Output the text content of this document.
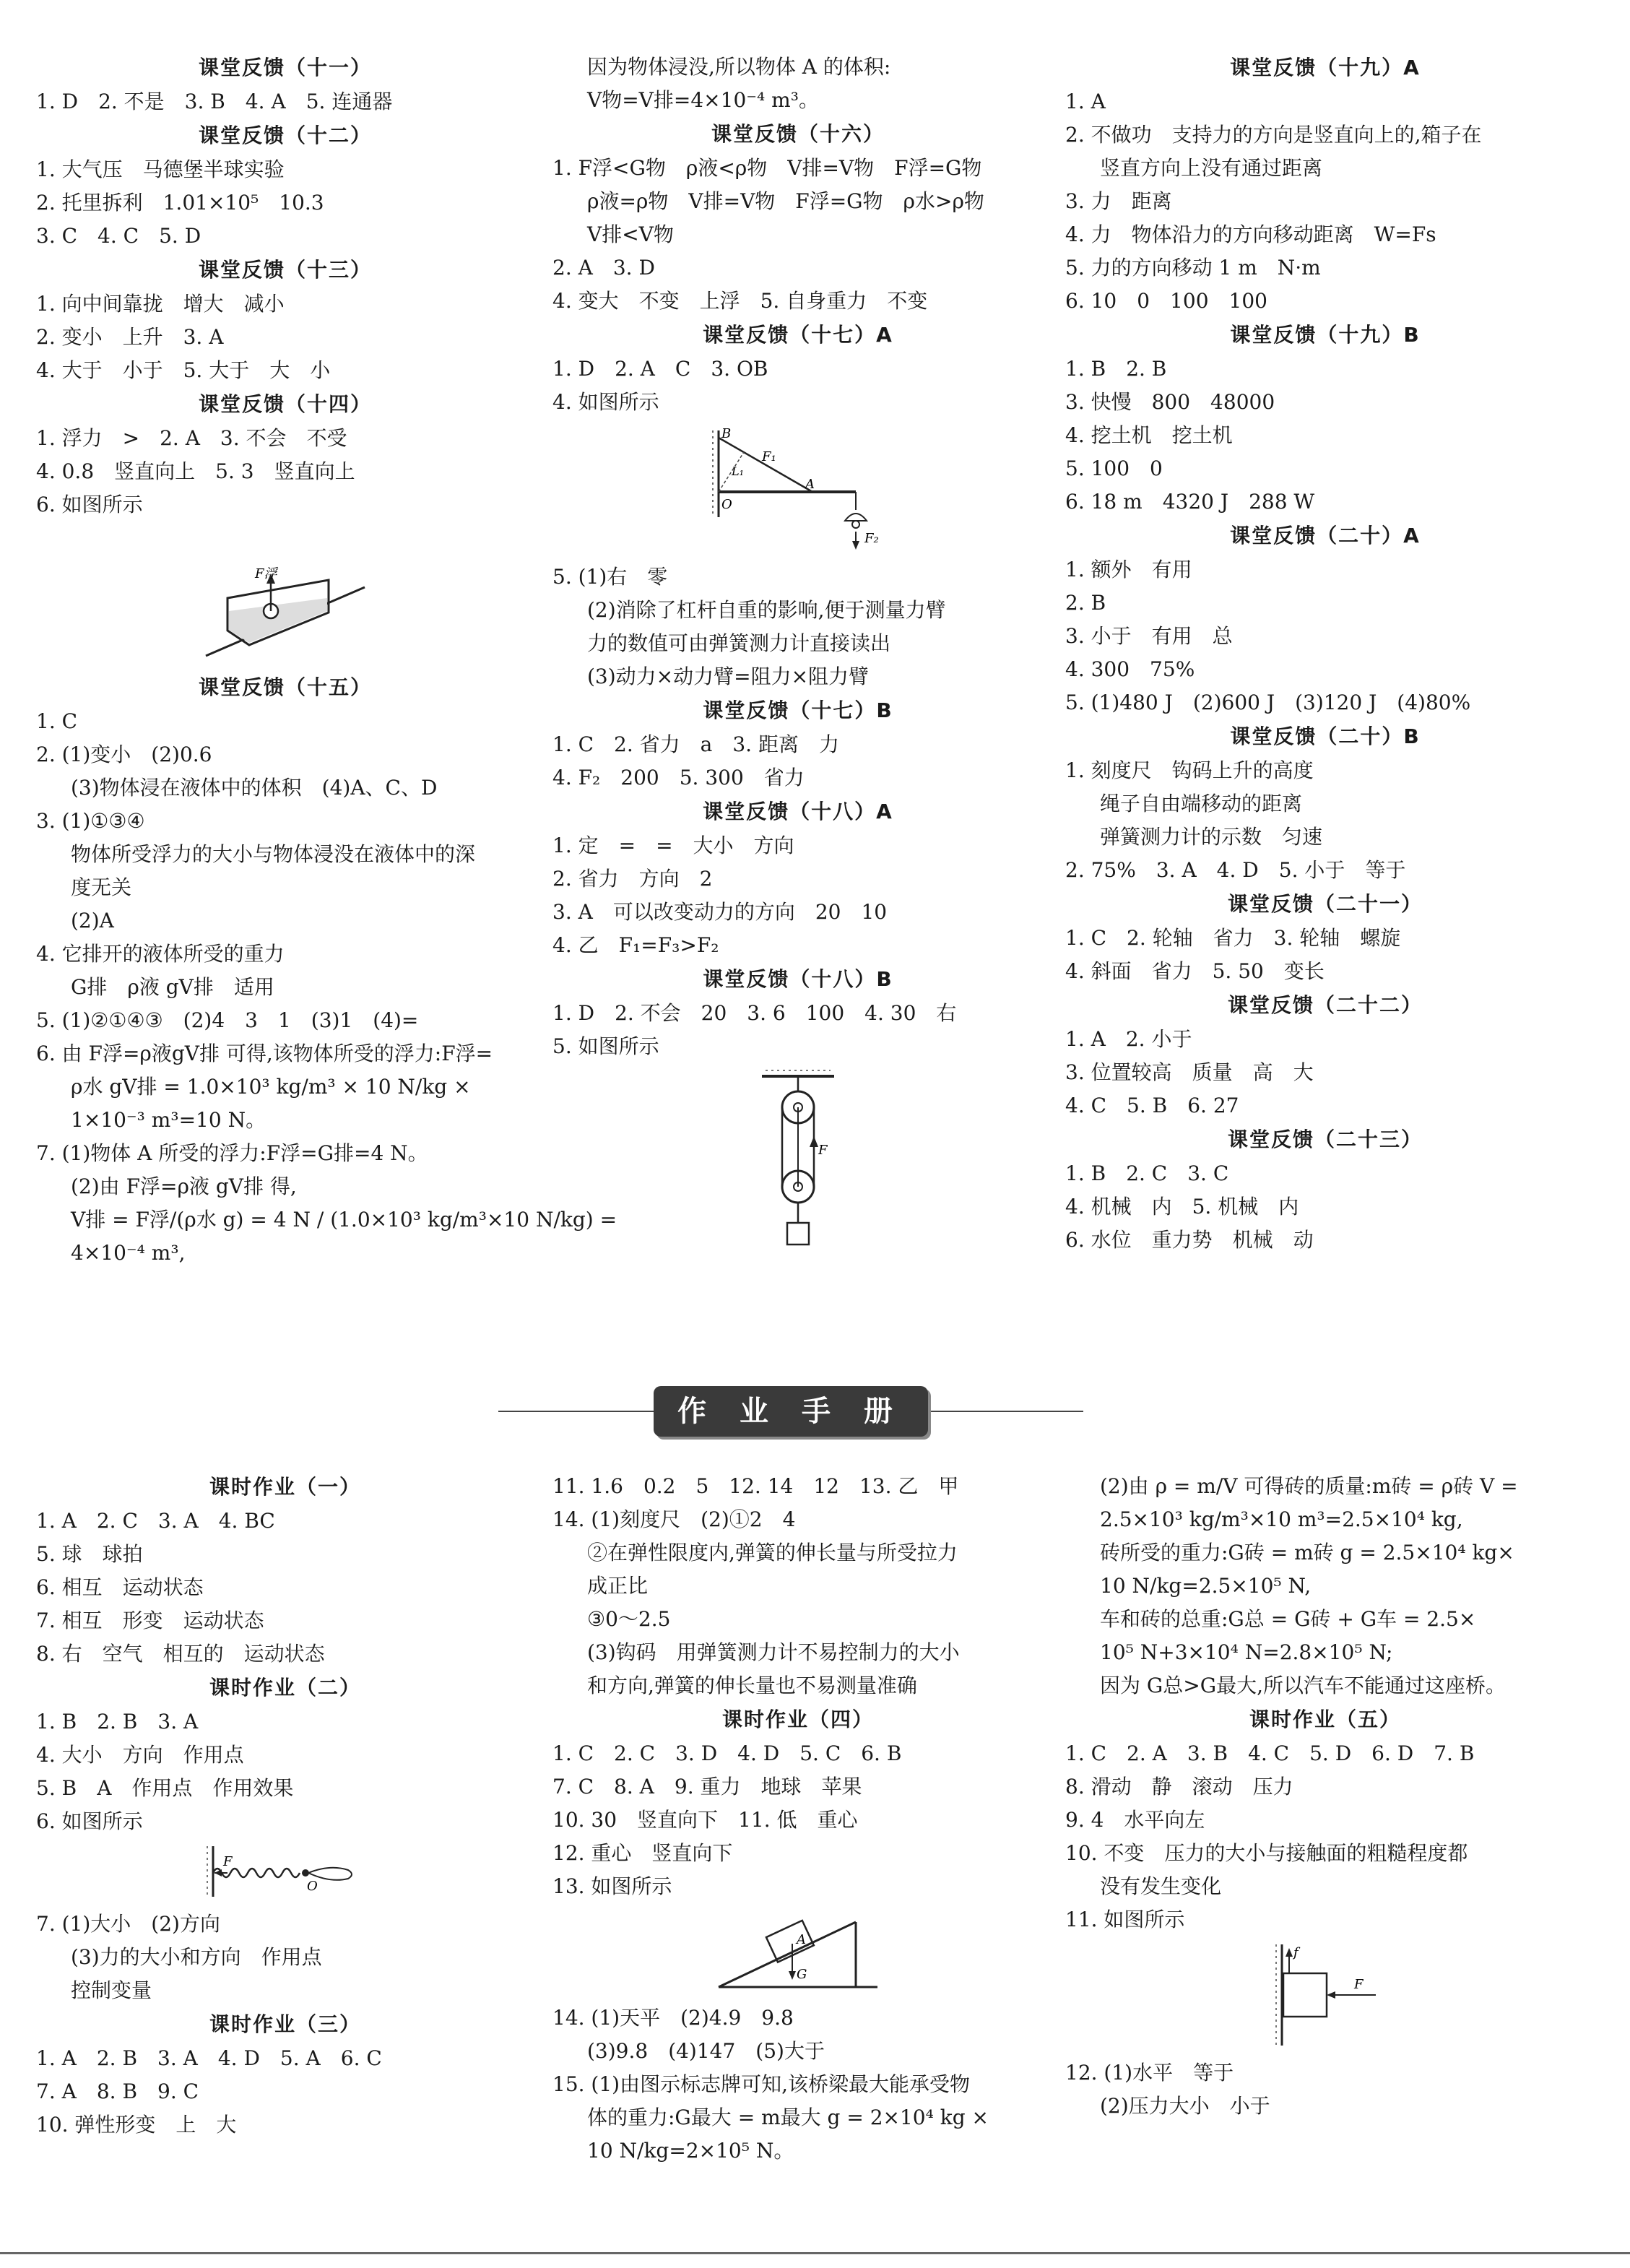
课堂反馈（十一）
1. D　2. 不是　3. B　4. A　5. 连通器
课堂反馈（十二）
1. 大气压　马德堡半球实验
2. 托里拆利　1.01×10⁵　10.3
3. C　4. C　5. D
课堂反馈（十三）
1. 向中间靠拢　增大　减小
2. 变小　上升　3. A
4. 大于　小于　5. 大于　大　小
课堂反馈（十四）
1. 浮力　>　2. A　3. 不会　不受
4. 0.8　竖直向上　5. 3　竖直向上
6. 如图所示
F浮
课堂反馈（十五）
1. C
2. (1)变小　(2)0.6
(3)物体浸在液体中的体积　(4)A、C、D
3. (1)①③④
物体所受浮力的大小与物体浸没在液体中的深
度无关
(2)A
4. 它排开的液体所受的重力
G排　ρ液 gV排　适用
5. (1)②①④③　(2)4　3　1　(3)1　(4)=
6. 由 F浮=ρ液gV排 可得,该物体所受的浮力:F浮=
ρ水 gV排 = 1.0×10³ kg/m³ × 10 N/kg ×
1×10⁻³ m³=10 N。
7. (1)物体 A 所受的浮力:F浮=G排=4 N。
(2)由 F浮=ρ液 gV排 得,
V排 = F浮/(ρ水 g) = 4 N / (1.0×10³ kg/m³×10 N/kg) =
4×10⁻⁴ m³,
因为物体浸没,所以物体 A 的体积:
V物=V排=4×10⁻⁴ m³。
课堂反馈（十六）
1. F浮<G物　ρ液<ρ物　V排=V物　F浮=G物
ρ液=ρ物　V排=V物　F浮=G物　ρ水>ρ物
V排<V物
2. A　3. D
4. 变大　不变　上浮　5. 自身重力　不变
课堂反馈（十七）A
1. D　2. A　C　3. OB
4. 如图所示
B
F₁
L₁
A
O
F₂
5. (1)右　零
(2)消除了杠杆自重的影响,便于测量力臂
力的数值可由弹簧测力计直接读出
(3)动力×动力臂=阻力×阻力臂
课堂反馈（十七）B
1. C　2. 省力　a　3. 距离　力
4. F₂　200　5. 300　省力
课堂反馈（十八）A
1. 定　=　=　大小　方向
2. 省力　方向　2
3. A　可以改变动力的方向　20　10
4. 乙　F₁=F₃>F₂
课堂反馈（十八）B
1. D　2. 不会　20　3. 6　100　4. 30　右
5. 如图所示
F
课堂反馈（十九）A
1. A
2. 不做功　支持力的方向是竖直向上的,箱子在
竖直方向上没有通过距离
3. 力　距离
4. 力　物体沿力的方向移动距离　W=Fs
5. 力的方向移动 1 m　N·m
6. 10　0　100　100
课堂反馈（十九）B
1. B　2. B
3. 快慢　800　48000
4. 挖土机　挖土机
5. 100　0
6. 18 m　4320 J　288 W
课堂反馈（二十）A
1. 额外　有用
2. B
3. 小于　有用　总
4. 300　75%
5. (1)480 J　(2)600 J　(3)120 J　(4)80%
课堂反馈（二十）B
1. 刻度尺　钩码上升的高度
绳子自由端移动的距离
弹簧测力计的示数　匀速
2. 75%　3. A　4. D　5. 小于　等于
课堂反馈（二十一）
1. C　2. 轮轴　省力　3. 轮轴　螺旋
4. 斜面　省力　5. 50　变长
课堂反馈（二十二）
1. A　2. 小于
3. 位置较高　质量　高　大
4. C　5. B　6. 27
课堂反馈（二十三）
1. B　2. C　3. C
4. 机械　内　5. 机械　内
6. 水位　重力势　机械　动
作 业 手 册
课时作业（一）
1. A　2. C　3. A　4. BC
5. 球　球拍
6. 相互　运动状态
7. 相互　形变　运动状态
8. 右　空气　相互的　运动状态
课时作业（二）
1. B　2. B　3. A
4. 大小　方向　作用点
5. B　A　作用点　作用效果
6. 如图所示
F
O
7. (1)大小　(2)方向
(3)力的大小和方向　作用点
控制变量
课时作业（三）
1. A　2. B　3. A　4. D　5. A　6. C
7. A　8. B　9. C
10. 弹性形变　上　大
11. 1.6　0.2　5　12. 14　12　13. 乙　甲
14. (1)刻度尺　(2)①2　4
②在弹性限度内,弹簧的伸长量与所受拉力
成正比
③0～2.5
(3)钩码　用弹簧测力计不易控制力的大小
和方向,弹簧的伸长量也不易测量准确
课时作业（四）
1. C　2. C　3. D　4. D　5. C　6. B
7. C　8. A　9. 重力　地球　苹果
10. 30　竖直向下　11. 低　重心
12. 重心　竖直向下
13. 如图所示
G
A
14. (1)天平　(2)4.9　9.8
(3)9.8　(4)147　(5)大于
15. (1)由图示标志牌可知,该桥梁最大能承受物
体的重力:G最大 = m最大 g = 2×10⁴ kg ×
10 N/kg=2×10⁵ N。
(2)由 ρ = m/V 可得砖的质量:m砖 = ρ砖 V =
2.5×10³ kg/m³×10 m³=2.5×10⁴ kg,
砖所受的重力:G砖 = m砖 g = 2.5×10⁴ kg×
10 N/kg=2.5×10⁵ N,
车和砖的总重:G总 = G砖 + G车 = 2.5×
10⁵ N+3×10⁴ N=2.8×10⁵ N;
因为 G总>G最大,所以汽车不能通过这座桥。
课时作业（五）
1. C　2. A　3. B　4. C　5. D　6. D　7. B
8. 滑动　静　滚动　压力
9. 4　水平向左
10. 不变　压力的大小与接触面的粗糙程度都
没有发生变化
11. 如图所示
f
F
12. (1)水平　等于
(2)压力大小　小于
